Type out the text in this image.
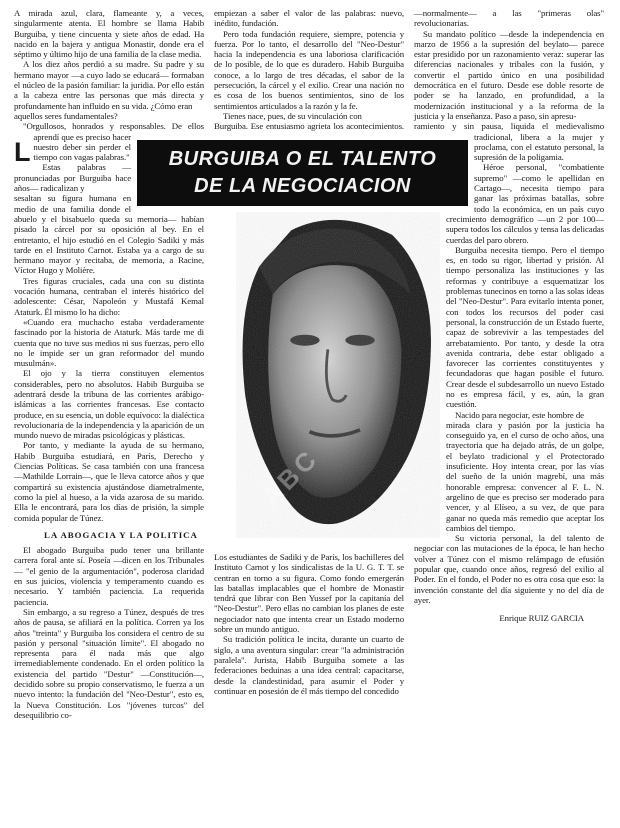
L

A mirada azul, clara, flameante y, a veces, singularmente atenta. El hombre se llama Habib Burguiba, y tiene cincuenta y siete años de edad. Ha nacido en la bajera y antigua Monastir, donde era el séptimo y último hijo de una familia de la clase media.

A los diez años perdió a su madre. Su padre y su hermano mayor —a cuyo lado se educará— formaban el núcleo de la pasión familiar: la juridia. Por ello están a la cabeza entre las personas que más directa y profundamente han influido en su vida. ¿Cómo eran

aquellos seres fundamentales?

"Orgullosos, honrados y responsables. De ellos aprendí que es preciso hacer nuestro deber sin perder el tiempo con vagas palabras."

Estas palabras —pronunciadas por Burguiba hace años— radicalizan y

sesaltan su figura humana en medio de una familia donde el abuelo y el bisabuelo queda su memoria— habían pisado la cárcel por su oposición al bey. En el entretanto, el hijo estudió en el Colegio Sadiki y más tarde en el Instituto Carnot. Estaba ya a cargo de su hermano mayor y recitaba, de memoria, a Racine, Víctor Hugo y Molière.

Tres figuras cruciales, cada una con su distinta vocación humana, centraban el interés histórico del adolescente: César, Napoleón y Mustafá Kemal Ataturk. Él mismo lo ha dicho:

«Cuando era muchacho estaba verdaderamente fascinado por la historia de Ataturk. Más tarde me di cuenta que no tuve sus medios ni sus fuerzas, pero ello no le impide ser un gran reformador del mundo musulmán».

El ojo y la tierra constituyen elementos considerables, pero no absolutos. Habib Burguiba se adentrará desde la tribuna de las corrientes arábigo-islámicas a las corrientes francesas. Ese contacto produce, en su esencia, un doble equívoco: la dialéctica revolucionaria de la independencia y la aparición de un mundo nuevo de miradas psicológicas y plásticas.

Por tanto, y mediante la ayuda de su hermano, Habib Burguiba estudiará, en París, Derecho y Ciencias Políticas. Se casa también con una francesa —Mathilde Lorrain—, que le lleva catorce años y que compartirá su existencia ajustándose diametralmente, como la piel al hueso, a la vida azarosa de su marido. Ella le encontrará, para los días de prisión, la simple comida popular de Túnez.

LA ABOGACIA Y LA POLITICA

El abogado Burguiba pudo tener una brillante carrera foral ante sí. Poseía —dicen en los Tribunales— "el genio de la argumentación", poderosa claridad en sus juicios, violencia y temperamento cuando es necesario. Y también paciencia. La requerida paciencia.

Sin embargo, a su regreso a Túnez, después de tres años de pausa, se afiliará en la política. Corren ya los años "treinta" y Burguiba los considera el centro de su pasión y personal "situación límite". El abogado no representa para él nada más que algo irremediablemente condenado. En el orden político la existencia del partido "Destur" —Constitución—, decidido sobre su propio conservatismo, le fuerza a un nuevo intento: la fundación del "Neo-Destur", esto es, la Nueva Constitución. Los "jóvenes turcos" del desequilibrio co-

empiezan a saber el valor de las palabras: nuevo, inédito, fundación.

Pero toda fundación requiere, siempre, potencia y fuerza. Por lo tanto, el desarrollo del "Neo-Destur" hacia la independencia es una laboriosa clarificación de lo posible, de lo que es duradero. Habib Burguiba conoce, a lo largo de tres décadas, el sabor de la persecución, la cárcel y el exilio. Crear una nación no es cosa de los buenos sentimientos, sino de los sentimientos articulados a la razón y la fe.

Tienes nace, pues, de su vinculación con

Burguiba. Ese entusiasmo agrieta los acontecimientos. Los estudiantes de Sadiki y de París, los bachilleres del Instituto Carnot y los sindicalistas de la U. G. T. T. se centran en torno a su figura. Como fondo emergerán las batallas implacables que el hombre de Monastir tendrá que librar con Ben Yussef por la capitanía del "Neo-Destur". Pero ellas no cambian los planes de este negociador nato que intenta crear un Estado moderno sobre un mundo antiguo.

Su tradición política le incita, durante un cuarto de siglo, a una aventura singular: crear "la administración paralela". Jurista, Habib Burguiba somete a las federaciones beduinas a una idea central: capacitarse, desde la clandestinidad, para asumir el Poder y continuar en posesión de él más tiempo del concedido

—normalmente— a las "primeras olas" revolucionarias.

Su mandato político —desde la independencia en marzo de 1956 a la supresión del beylato— parece estar presidido por un razonamiento veraz: superar las diferencias nacionales y tribales con la fusión, y convertir el partido único en una posibilidad democrática en el futuro. Desde ese doble resorte de poder se ha lanzado, en profundidad, a la modernización institucional y a la reforma de la justicia y la enseñanza. Paso a paso, sin apresu-

ramiento y sin pausa, liquida el medievalismo tradicional, libera a la mujer y proclama, con el estatuto personal, la supresión de la poligamia.

Héroe personal, "combatiente supremo" —como le apellidan en Cartago—, necesita tiempo para ganar las próximas batallas, sobre todo la económica, en un país cuyo crecimiento demográfico —un 2 por 100— supera todos los cálculos y tensa las delicadas cuerdas del paro obrero.

Burguiba necesita tiempo. Pero el tiempo es, en todo su rigor, libertad y prisión. Al tiempo personaliza las instituciones y las reformas y contribuye a esquematizar los problemas tunecinos en torno a las solas ideas del "Neo-Destur". Para evitarlo intenta poner, con todos los recursos del poder casi personal, la construcción de un Estado fuerte, capaz de sobrevivir a las tempestades del arrebatamiento. Por tanto, y desde la otra avenida contraria, debe estar obligado a favorecer las corrientes constituyentes y fecundadoras que hagan posible el futuro. Crear desde el subdesarrollo un nuevo Estado no es empresa fácil, y es, aún, la gran cuestión.

Nacido para negociar, este hombre de

mirada clara y pasión por la justicia ha conseguido ya, en el curso de ocho años, una trayectoria que ha dejado atrás, de un golpe, el beylato tradicional y el Protectorado insuficiente. Hoy intenta crear, por las vías del sueño de la unión magrebí, una más honorable empresa: convencer al F. L. N. argelino de que es preciso ser moderado para vencer, y al Elíseo, a su vez, de que para ganar no queda más remedio que aceptar los cambios del tiempo.

Su victoria personal, la del talento de negociar con las mutaciones de la época, le han hecho volver a Túnez con el mismo relámpago de efusión popular que, cuando once años, regresó del exilio al Poder. En el fondo, el Poder no es otra cosa que eso: la invención constante del día siguiente y no del día de ayer.

Enrique RUIZ GARCIA
BURGUIBA O EL TALENTO
DE LA NEGOCIACION
ABC
